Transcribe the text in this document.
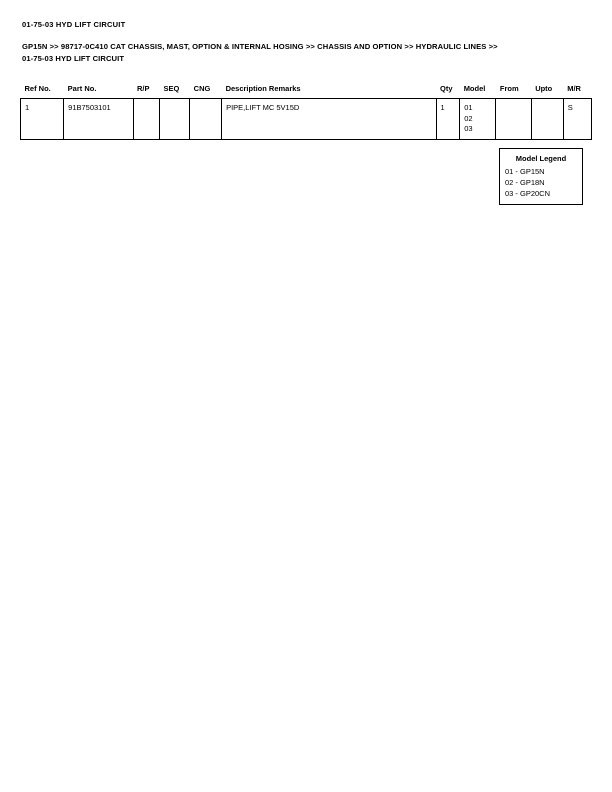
01-75-03 HYD LIFT CIRCUIT
GP15N >> 98717-0C410 CAT CHASSIS, MAST, OPTION & INTERNAL HOSING >> CHASSIS AND OPTION >> HYDRAULIC LINES >>
01-75-03 HYD LIFT CIRCUIT
Ref No.	Part No.	R/P	SEQ	CNG	Description Remarks	Qty	Model	From	Upto	M/R

1	91B7503101				PIPE,LIFT MC 5V15D	1	01
02
03			S
Model Legend
01 - GP15N
02 - GP18N
03 - GP20CN
